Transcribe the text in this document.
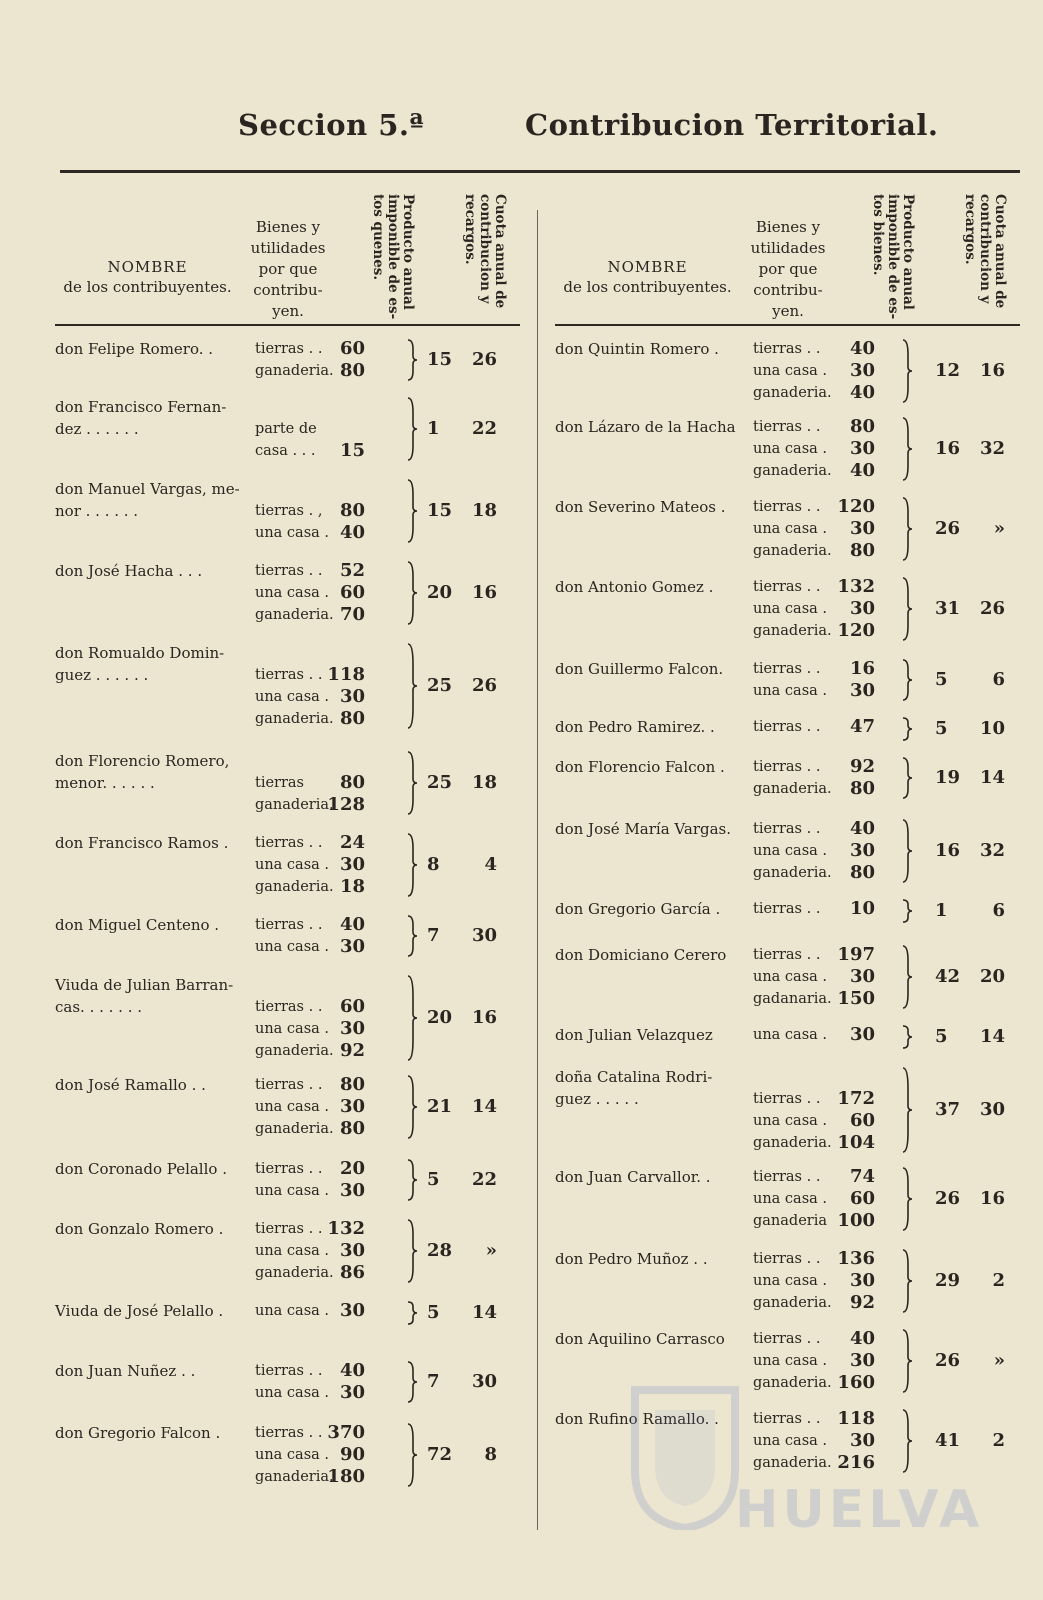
Seccion 5.ª	Contribucion Territorial.
NOMBRE
de los contribuyentes.
Bienes y
utilidades
por que
contribu-
yen.
Producto anual imponible de es- tos quenes.	Cuota anual de contribucion y recargos.
don Felipe Romero. .	tierras . . 60
ganaderia. 80
15 26
don Francisco Fernan-
dez . . . . . .	parte de
casa . . .	15
1 22
don Manuel Vargas, me-
nor . . . . . .	tierras . , 80
una casa . 40
15 18
don José Hacha . . .	tierras . . 52
una casa . 60
ganaderia. 70
20 16
don Romualdo Domin-
guez . . . . . .	tierras . . 118
una casa . 30
ganaderia. 80
25 26
don Florencio Romero,
menor. . . . . .	tierras	80
ganaderia.
128
25 18
don Francisco Ramos .	tierras . . 24
una casa . 30
ganaderia. 18
8 4
don Miguel Centeno .	tierras . . 40
una casa . 30
7 30
Viuda de Julian Barran-
cas. . . . . . .	tierras . . 60
una casa . 30
ganaderia. 92
20 16
don José Ramallo . .	tierras . . 80
una casa . 30
ganaderia. 80
21 14
don Coronado Pelallo .	tierras . . 20
una casa . 30
5 22
don Gonzalo Romero .	tierras . . 132
una casa . 30
ganaderia. 86
28 »
Viuda de José Pelallo .	una casa . 30	5 14
don Juan Nuñez . .	tierras . . 40
una casa . 30
7 30
don Gregorio Falcon .	tierras . . 370
una casa . 90
ganaderia.
180
72 8
NOMBRE
de los contribuyentes.
Bienes y
utilidades
por que
contribu-
yen.
Producto anual imponible de es- tos bienes.	Cuota anual de contribucion y recargos.
don Quintin Romero .	tierras . .	40
una casa .	30
ganaderia.	40
12 16
don Lázaro de la Hacha	tierras . .	80
una casa .	30
ganaderia.	40
16 32
don Severino Mateos .	tierras . . 120
una casa .	30
ganaderia.	80
26 »
don Antonio Gomez .	tierras . . 132
una casa .	30
ganaderia. 120
31 26
don Guillermo Falcon.	tierras . .	16
una casa .	30
5 6
don Pedro Ramirez. .	tierras . .	47	5 10
don Florencio Falcon .	tierras . .	92
ganaderia.	80
19 14
don José María Vargas.	tierras . .	40
una casa .	30
ganaderia.	80
16 32
don Gregorio García .	tierras . .	10	1 6
don Domiciano Cerero	tierras . . 197
una casa .	30
gadanaria. 150
42 20
don Julian Velazquez	una casa .	30	5 14
doña Catalina Rodri-
guez . . . . .	tierras . . 172
una casa .	60
ganaderia. 104
37 30
don Juan Carvallor. .	tierras . .	74
una casa .	60
ganaderia 100
26 16
don Pedro Muñoz . .	tierras . . 136
una casa .	30
ganaderia.	92
29 2
don Aquilino Carrasco	tierras . .	40
una casa .	30
ganaderia. 160
26 »
don Rufino Ramallo. .	tierras . . 118
una casa .	30
ganaderia. 216
41 2
HUELVA
